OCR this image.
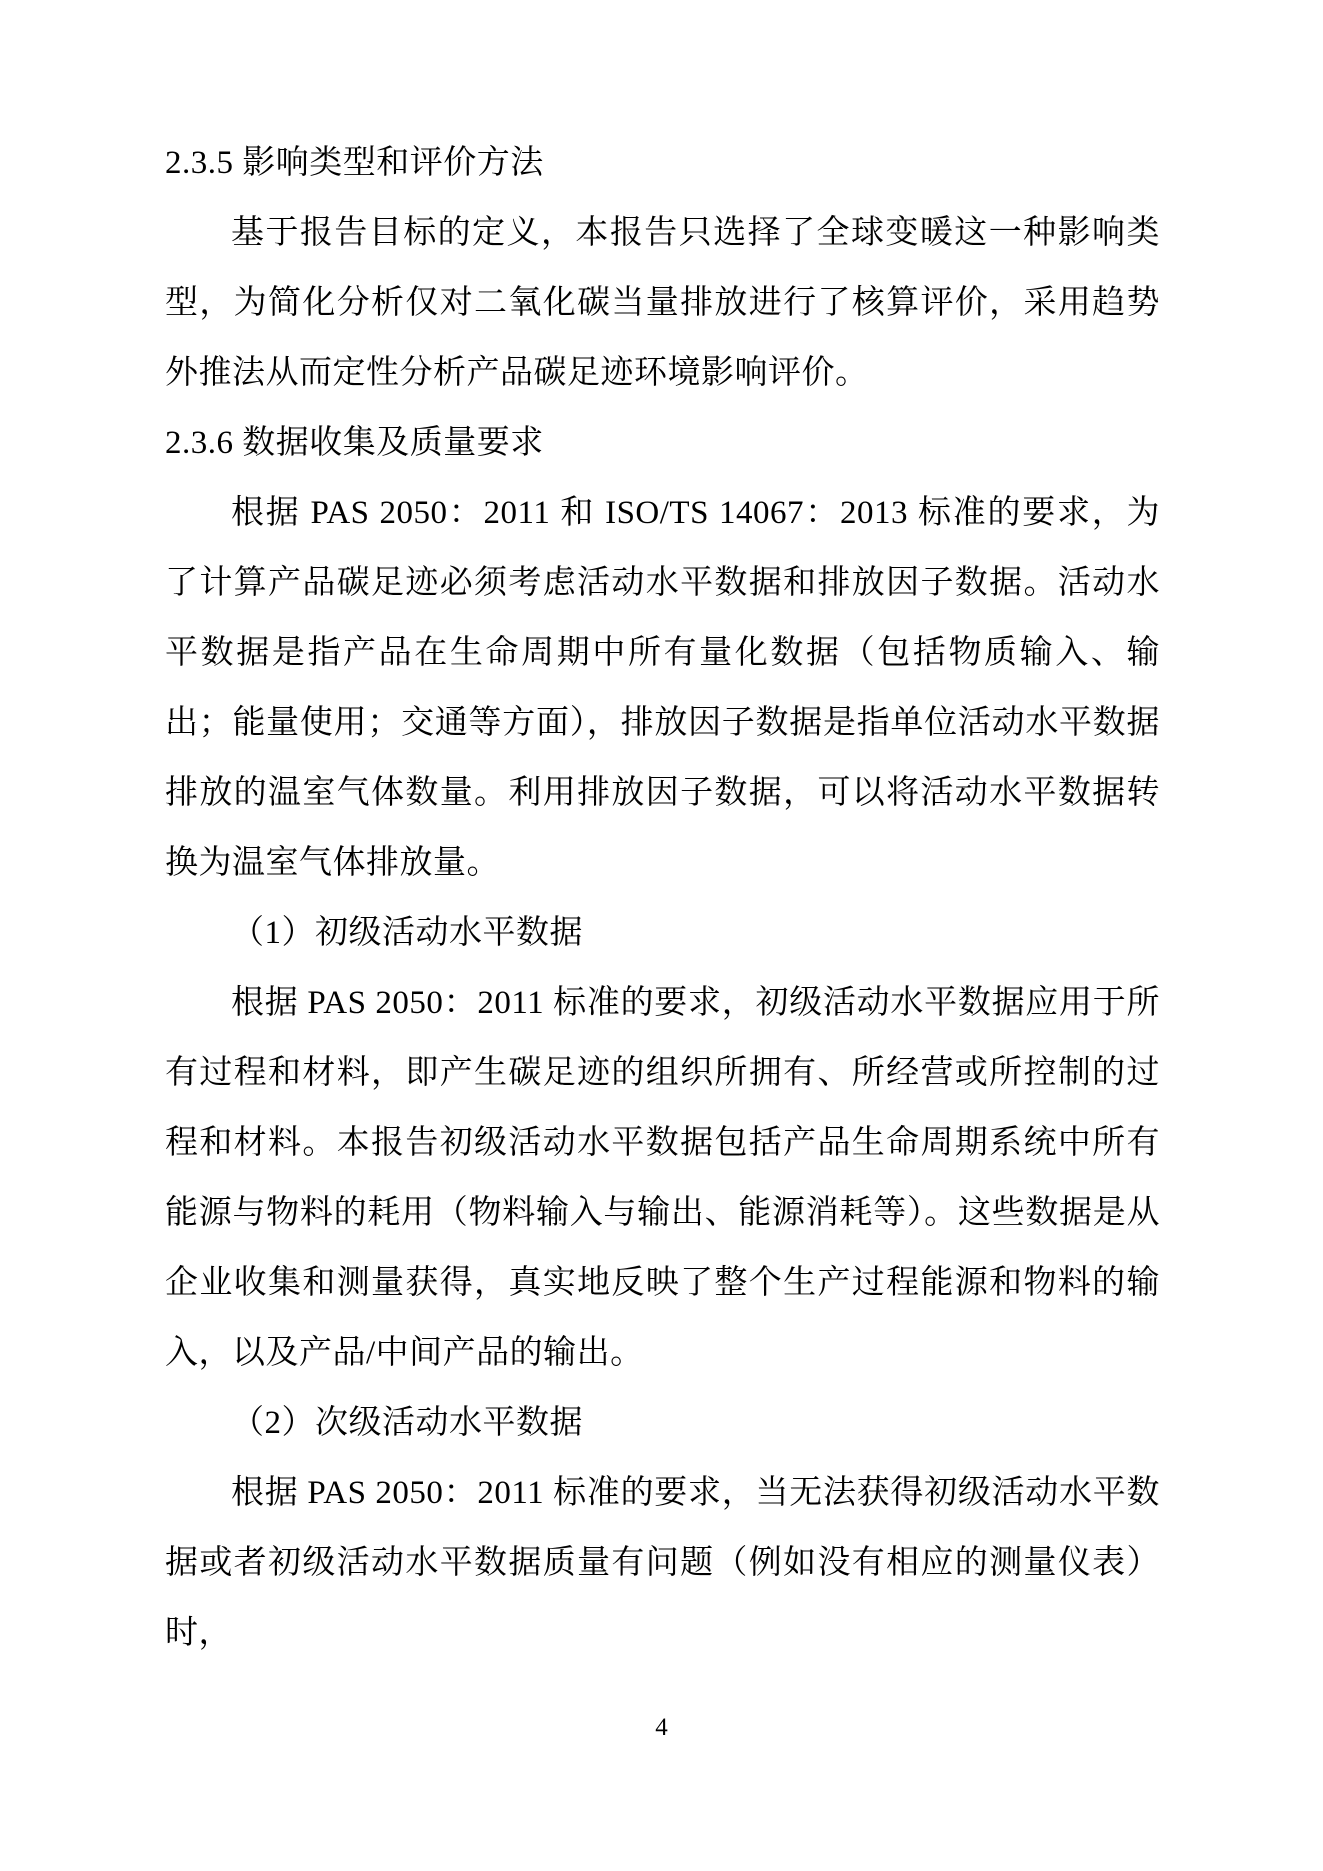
2.3.5 影响类型和评价方法
基于报告目标的定义，本报告只选择了全球变暖这一种影响类型，为简化分析仅对二氧化碳当量排放进行了核算评价，采用趋势外推法从而定性分析产品碳足迹环境影响评价。
2.3.6 数据收集及质量要求
根据 PAS 2050：2011 和 ISO/TS 14067：2013 标准的要求，为了计算产品碳足迹必须考虑活动水平数据和排放因子数据。活动水平数据是指产品在生命周期中所有量化数据（包括物质输入、输出；能量使用；交通等方面），排放因子数据是指单位活动水平数据排放的温室气体数量。利用排放因子数据，可以将活动水平数据转换为温室气体排放量。
（1）初级活动水平数据
根据 PAS 2050：2011 标准的要求，初级活动水平数据应用于所有过程和材料，即产生碳足迹的组织所拥有、所经营或所控制的过程和材料。本报告初级活动水平数据包括产品生命周期系统中所有能源与物料的耗用（物料输入与输出、能源消耗等）。这些数据是从企业收集和测量获得，真实地反映了整个生产过程能源和物料的输入，以及产品/中间产品的输出。
（2）次级活动水平数据
根据 PAS 2050：2011 标准的要求，当无法获得初级活动水平数据或者初级活动水平数据质量有问题（例如没有相应的测量仪表）时，
4
